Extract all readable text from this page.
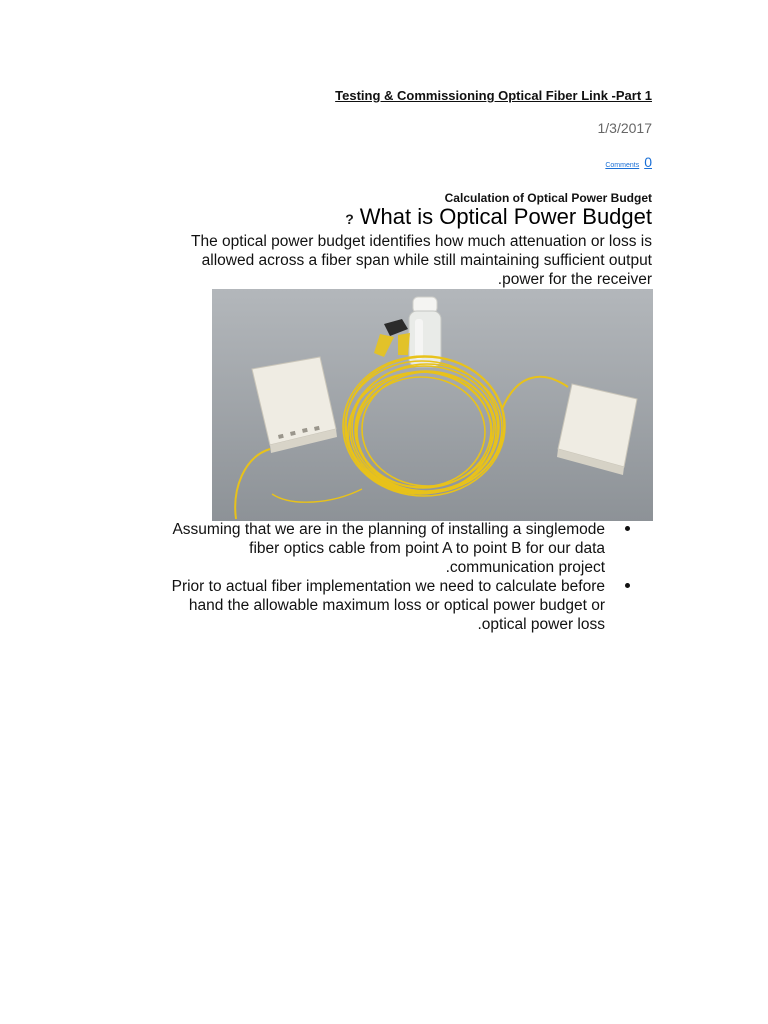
Testing & Commissioning Optical Fiber Link -Part 1
1/3/2017
0
Comments
Calculation of Optical Power Budget
? What is Optical Power Budget

The optical power budget identifies how much attenuation or loss is
allowed across a fiber span while still maintaining sufficient output
.power for the receiver

Assuming that we are in the planning of installing a singlemode
fiber optics cable from point A to point B for our data
.communication project
Prior to actual fiber implementation we need to calculate before
hand the allowable maximum loss or optical power budget or
.optical power loss
